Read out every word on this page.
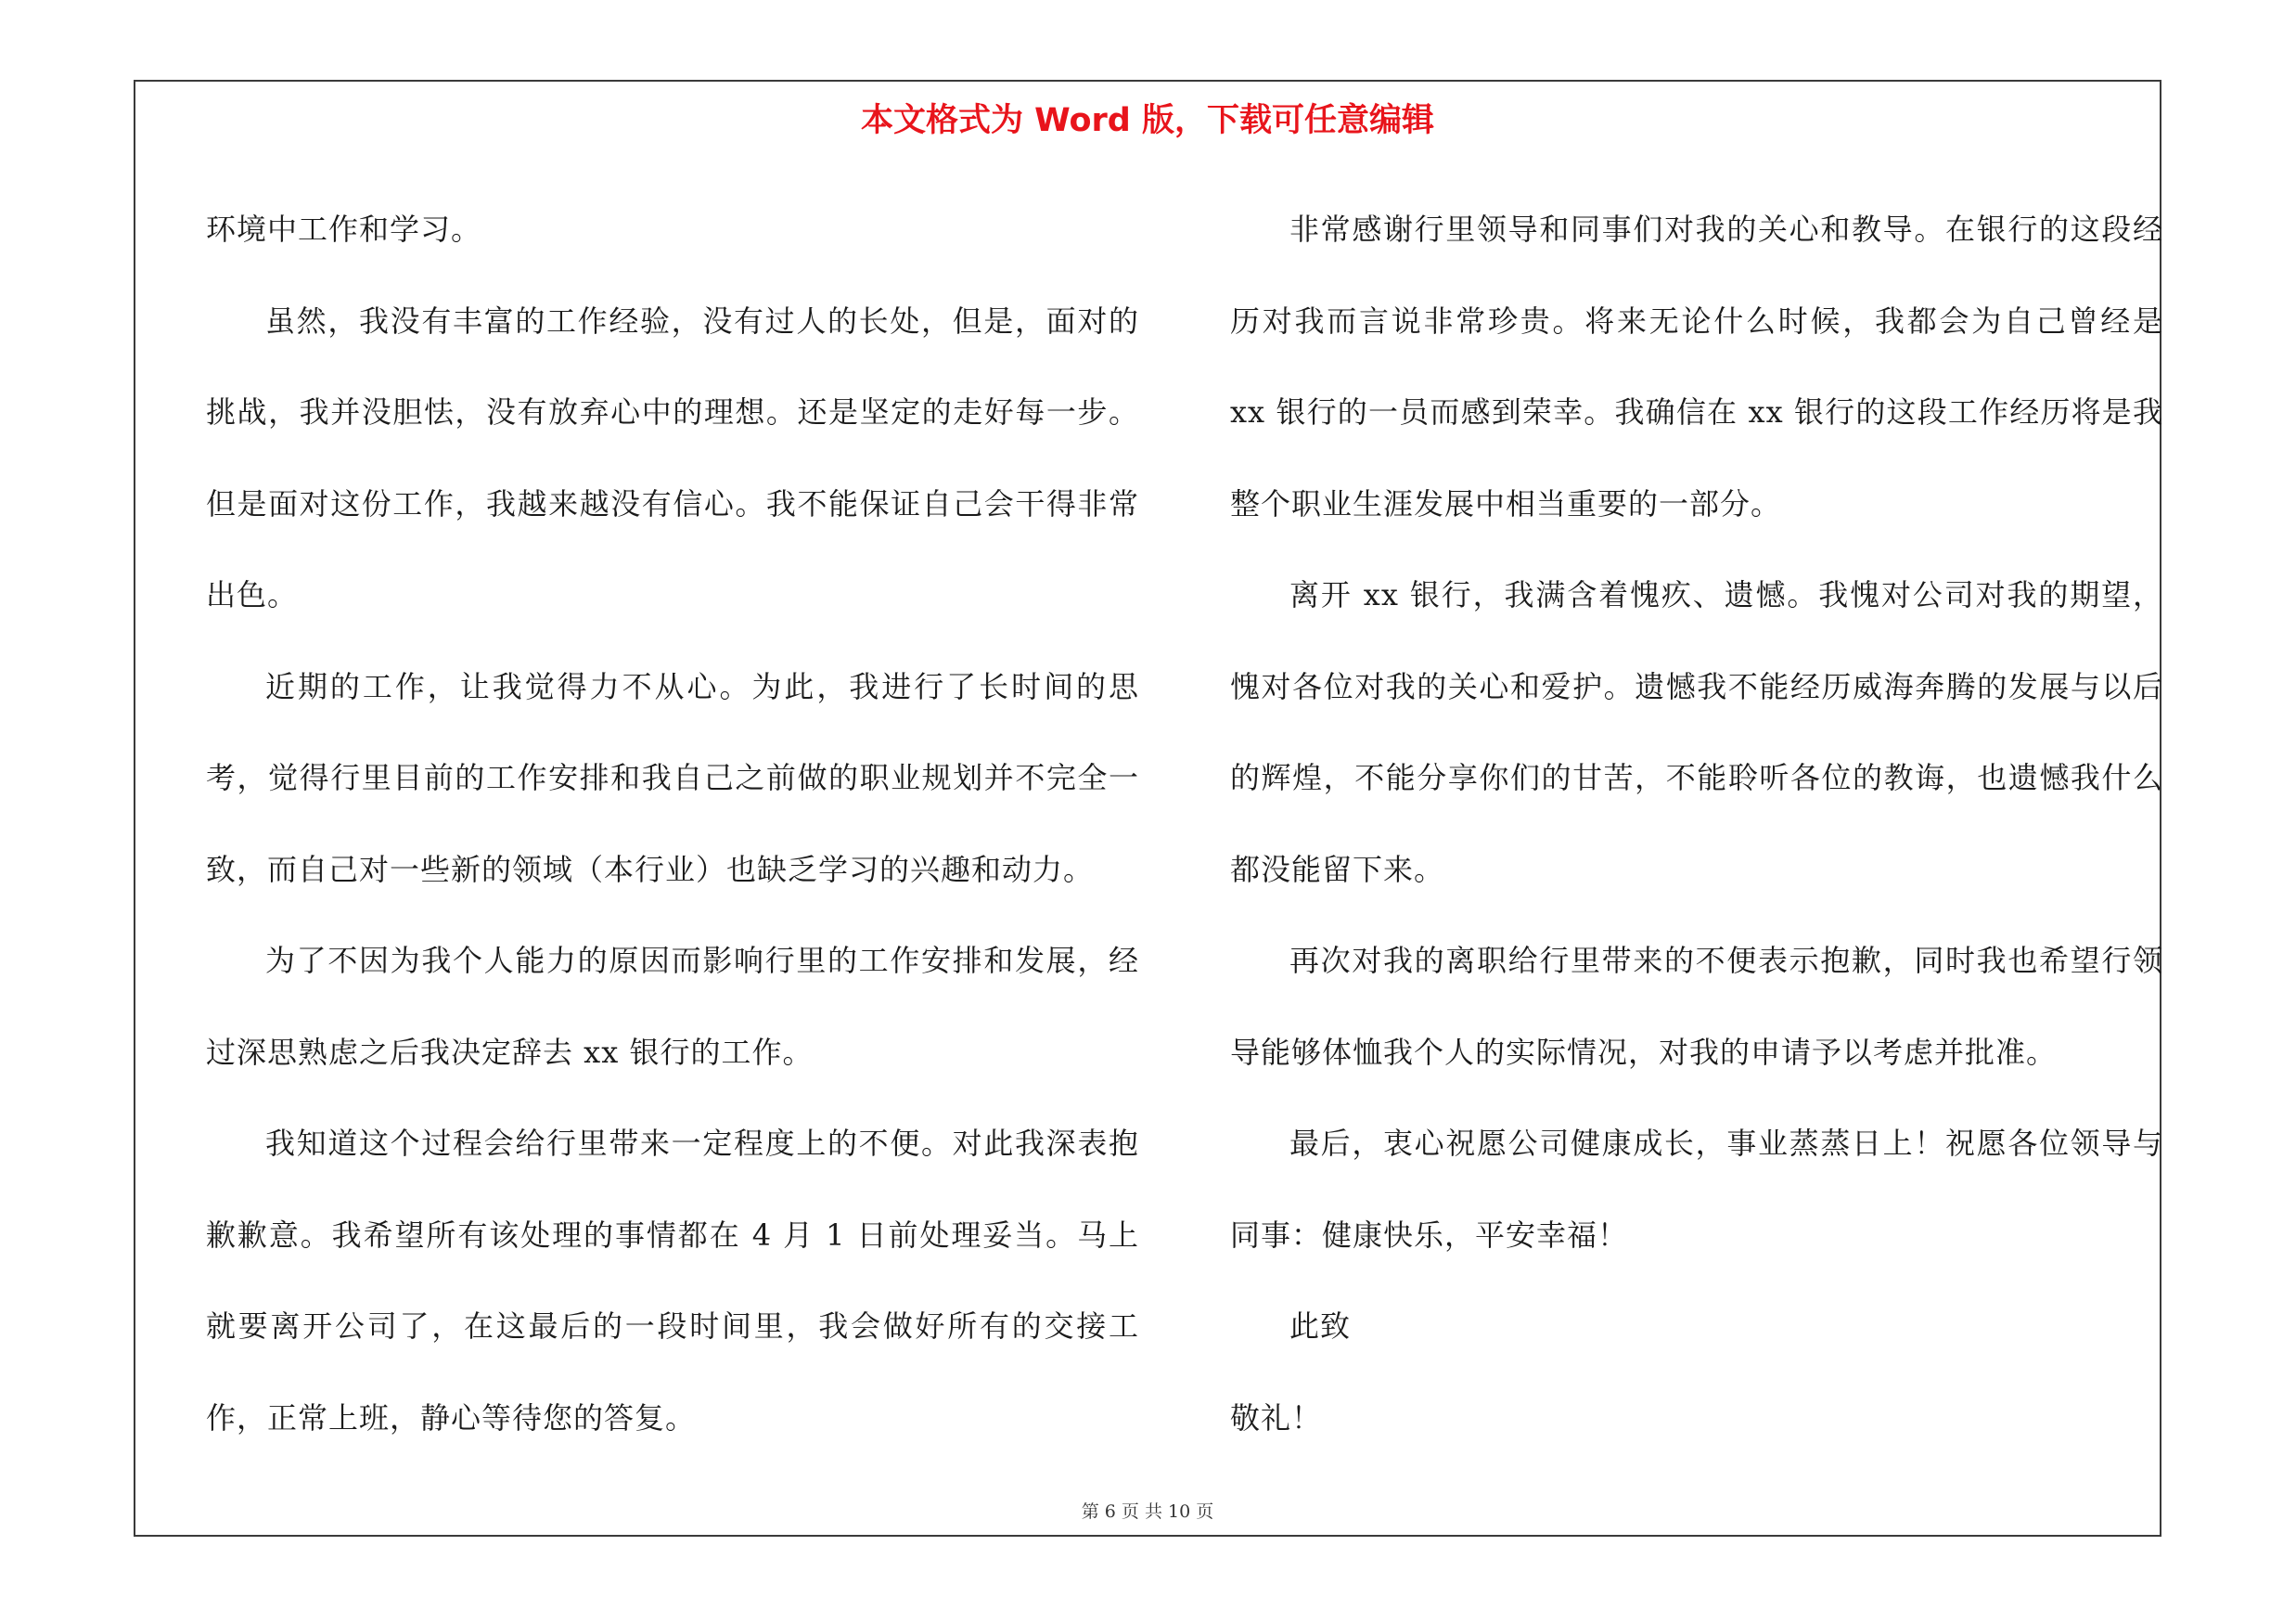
本文格式为 Word 版，下载可任意编辑

环境中工作和学习。

虽然，我没有丰富的工作经验，没有过人的长处，但是，面对的挑战，我并没胆怯，没有放弃心中的理想。还是坚定的走好每一步。但是面对这份工作，我越来越没有信心。我不能保证自己会干得非常出色。

近期的工作，让我觉得力不从心。为此，我进行了长时间的思考，觉得行里目前的工作安排和我自己之前做的职业规划并不完全一致，而自己对一些新的领域（本行业）也缺乏学习的兴趣和动力。

为了不因为我个人能力的原因而影响行里的工作安排和发展，经过深思熟虑之后我决定辞去 xx 银行的工作。

我知道这个过程会给行里带来一定程度上的不便。对此我深表抱歉歉意。我希望所有该处理的事情都在 4 月 1 日前处理妥当。马上就要离开公司了，在这最后的一段时间里，我会做好所有的交接工作，正常上班，静心等待您的答复。

非常感谢行里领导和同事们对我的关心和教导。在银行的这段经历对我而言说非常珍贵。将来无论什么时候，我都会为自己曾经是 xx 银行的一员而感到荣幸。我确信在 xx 银行的这段工作经历将是我整个职业生涯发展中相当重要的一部分。

离开 xx 银行，我满含着愧疚、遗憾。我愧对公司对我的期望，愧对各位对我的关心和爱护。遗憾我不能经历威海奔腾的发展与以后的辉煌，不能分享你们的甘苦，不能聆听各位的教诲，也遗憾我什么都没能留下来。

再次对我的离职给行里带来的不便表示抱歉，同时我也希望行领导能够体恤我个人的实际情况，对我的申请予以考虑并批准。

最后，衷心祝愿公司健康成长，事业蒸蒸日上！祝愿各位领导与同事：健康快乐，平安幸福！

此致

敬礼！

第 6 页 共 10 页
